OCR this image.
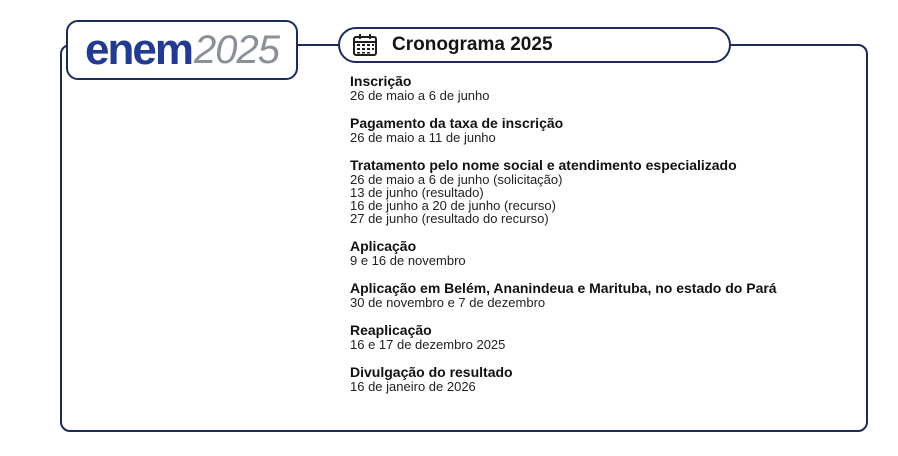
enem 2025	Cronograma 2025
Inscrição
26 de maio a 6 de junho
Pagamento da taxa de inscrição
26 de maio a 11 de junho
Tratamento pelo nome social e atendimento especializado
26 de maio a 6 de junho (solicitação)
13 de junho (resultado)
16 de junho a 20 de junho (recurso)
27 de junho (resultado do recurso)
Aplicação
9 e 16 de novembro
Aplicação em Belém, Ananindeua e Marituba, no estado do Pará
30 de novembro e 7 de dezembro
Reaplicação
16 e 17 de dezembro 2025
Divulgação do resultado
16 de janeiro de 2026
